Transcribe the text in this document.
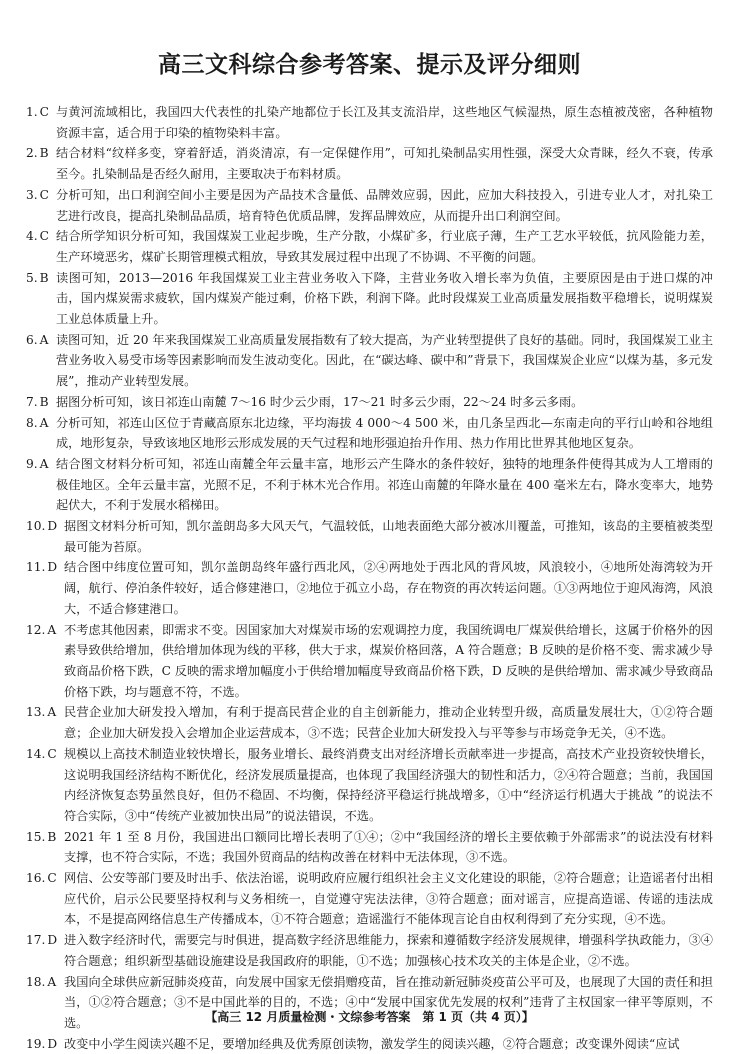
高三文科综合参考答案、提示及评分细则
1. C 与黄河流域相比，我国四大代表性的扎染产地都位于长江及其支流沿岸，这些地区气候湿热，原生态植被茂密，各种植物资源丰富，适合用于印染的植物染料丰富。
2. B 结合材料“纹样多变，穿着舒适，消炎清凉，有一定保健作用”，可知扎染制品实用性强，深受大众青睐，经久不衰，传承至今。扎染制品是否经久耐用，主要取决于布料材质。
3. C 分析可知，出口利润空间小主要是因为产品技术含量低、品牌效应弱，因此，应加大科技投入，引进专业人才，对扎染工艺进行改良，提高扎染制品品质，培育特色优质品牌，发挥品牌效应，从而提升出口利润空间。
4. C 结合所学知识分析可知，我国煤炭工业起步晚，生产分散，小煤矿多，行业底子薄，生产工艺水平较低，抗风险能力差，生产环境恶劣，煤矿长期管理模式粗放，导致其发展过程中出现了不协调、不平衡的问题。
5. B 读图可知，2013—2016 年我国煤炭工业主营业务收入下降，主营业务收入增长率为负值，主要原因是由于进口煤的冲击，国内煤炭需求疲软，国内煤炭产能过剩，价格下跌，利润下降。此时段煤炭工业高质量发展指数平稳增长，说明煤炭工业总体质量上升。
6. A 读图可知，近 20 年来我国煤炭工业高质量发展指数有了较大提高，为产业转型提供了良好的基础。同时，我国煤炭工业主营业务收入易受市场等因素影响而发生波动变化。因此，在“碳达峰、碳中和”背景下，我国煤炭企业应“以煤为基，多元发展”，推动产业转型发展。
7. B 据图分析可知，该日祁连山南麓 7～16 时少云少雨，17～21 时多云少雨，22～24 时多云多雨。
8. A 分析可知，祁连山区位于青藏高原东北边缘，平均海拔 4 000～4 500 米，由几条呈西北—东南走向的平行山岭和谷地组成，地形复杂，导致该地区地形云形成发展的天气过程和地形强迫抬升作用、热力作用比世界其他地区复杂。
9. A 结合图文材料分析可知，祁连山南麓全年云量丰富，地形云产生降水的条件较好，独特的地理条件使得其成为人工增雨的极佳地区。全年云量丰富，光照不足，不利于林木光合作用。祁连山南麓的年降水量在 400 毫米左右，降水变率大，地势起伏大，不利于发展水稻梯田。
10. D 据图文材料分析可知，凯尔盖朗岛多大风天气，气温较低，山地表面绝大部分被冰川覆盖，可推知，该岛的主要植被类型最可能为苔原。
11. D 结合图中纬度位置可知，凯尔盖朗岛终年盛行西北风，②④两地处于西北风的背风坡，风浪较小，④地所处海湾较为开阔，航行、停泊条件较好，适合修建港口，②地位于孤立小岛，存在物资的再次转运问题。①③两地位于迎风海湾，风浪大，不适合修建港口。
12. A 不考虑其他因素，即需求不变。因国家加大对煤炭市场的宏观调控力度，我国统调电厂煤炭供给增长，这属于价格外的因素导致供给增加，供给增加体现为线的平移，供大于求，煤炭价格回落，A 符合题意；B 反映的是价格不变、需求减少导致商品价格下跌，C 反映的需求增加幅度小于供给增加幅度导致商品价格下跌，D 反映的是供给增加、需求减少导致商品价格下跌，均与题意不符，不选。
13. A 民营企业加大研发投入增加，有利于提高民营企业的自主创新能力，推动企业转型升级，高质量发展壮大，①②符合题意；企业加大研发投入会增加企业运营成本，③不选；民营企业加大研发投入与平等参与市场竞争无关，④不选。
14. C 规模以上高技术制造业较快增长，服务业增长、最终消费支出对经济增长贡献率进一步提高，高技术产业投资较快增长，这说明我国经济结构不断优化，经济发展质量提高，也体现了我国经济强大的韧性和活力，②④符合题意；当前，我国国内经济恢复态势虽然良好，但仍不稳固、不均衡，保持经济平稳运行挑战增多，①中“经济运行机遇大于挑战 ”的说法不符合实际，③中“传统产业被加快出局”的说法错误，不选。
15. B 2021 年 1 至 8 月份，我国进出口额同比增长表明了①④；②中“我国经济的增长主要依赖于外部需求”的说法没有材料支撑，也不符合实际，不选；我国外贸商品的结构改善在材料中无法体现，③不选。
16. C 网信、公安等部门要及时出手、依法治谣，说明政府应履行组织社会主义文化建设的职能，②符合题意；让造谣者付出相应代价，启示公民要坚持权利与义务相统一，自觉遵守宪法法律，③符合题意；面对谣言，应提高造谣、传谣的违法成本，不是提高网络信息生产传播成本，①不符合题意；造谣滥行不能体现言论自由权利得到了充分实现，④不选。
17. D 进入数字经济时代，需要完与时俱进，提高数字经济思维能力，探索和遵循数字经济发展规律，增强科学执政能力，③④符合题意；组织新型基础设施建设是我国政府的职能，①不选；加强核心技术攻关的主体是企业，②不选。
18. A 我国向全球供应新冠肺炎疫苗，向发展中国家无偿捐赠疫苗，旨在推动新冠肺炎疫苗公平可及，也展现了大国的责任和担当，①②符合题意；③不是中国此举的目的，不选；④中“发展中国家优先发展的权利”违背了主权国家一律平等原则，不选。
19. D 改变中小学生阅读兴趣不足，要增加经典及优秀原创读物，激发学生的阅读兴趣，②符合题意；改变课外阅读“应试
【高三 12 月质量检测・文综参考答案　第 1 页（共 4 页）】
